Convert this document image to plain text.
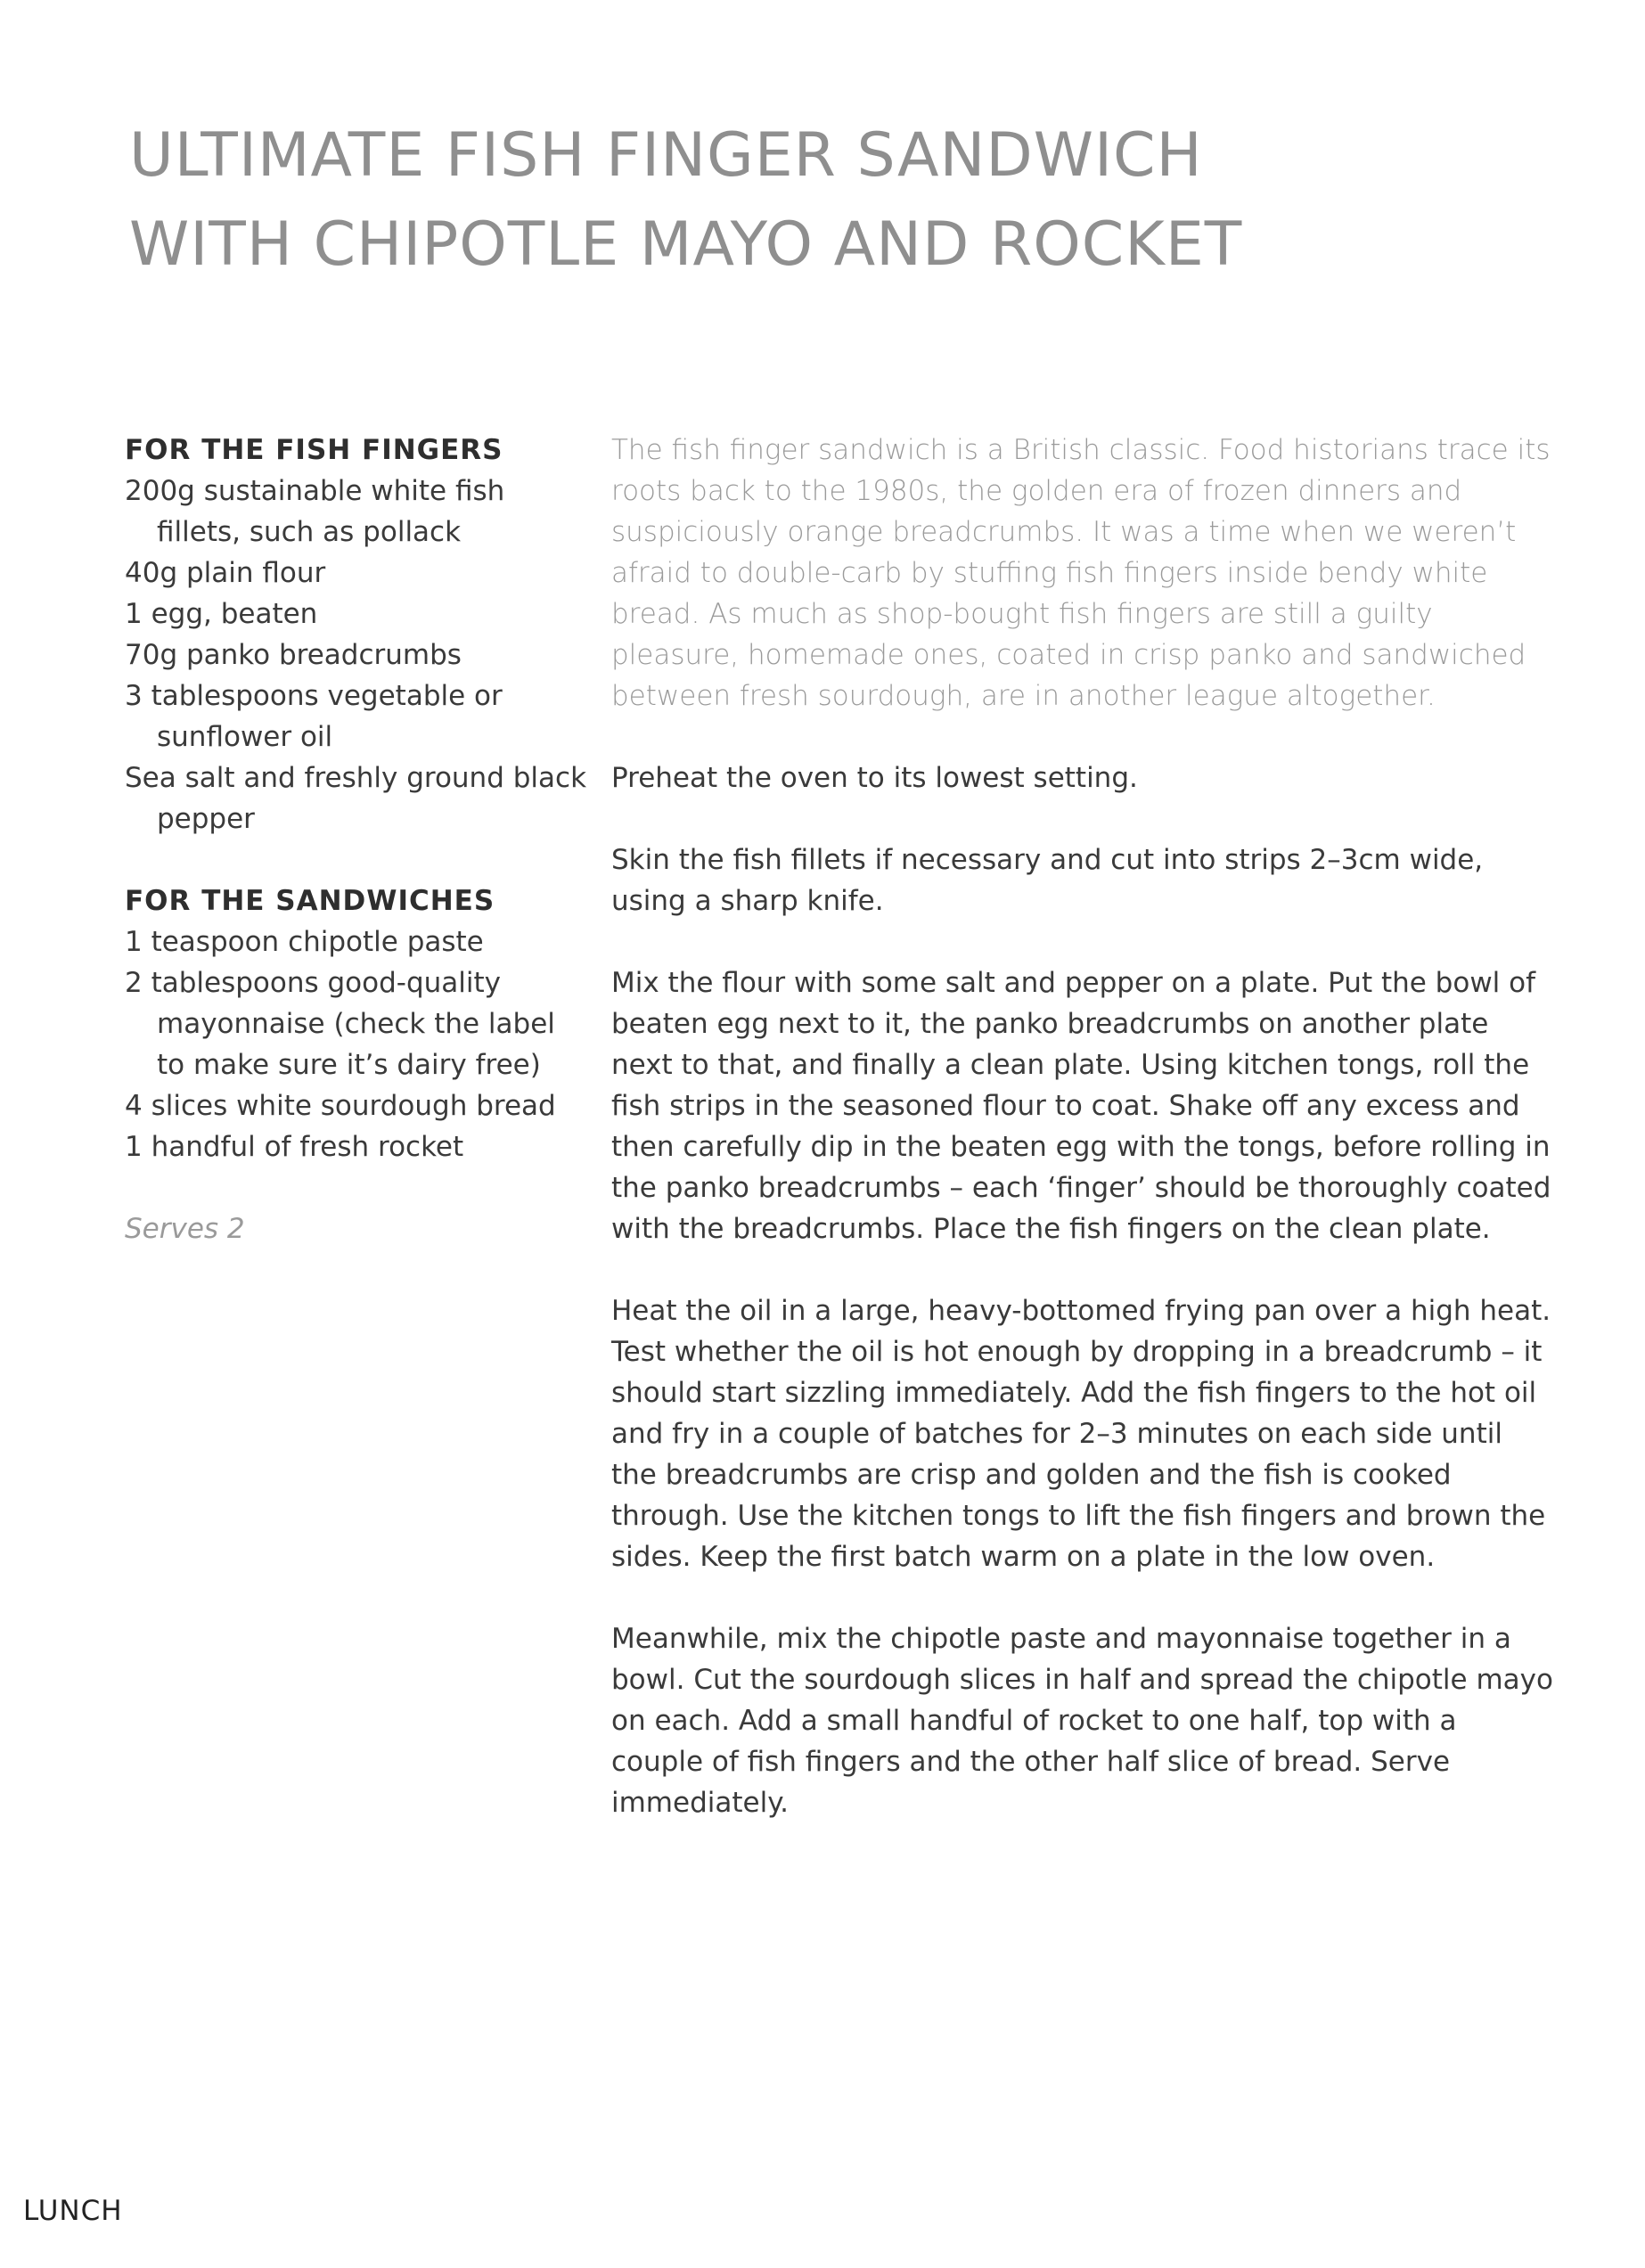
ULTIMATE FISH FINGER SANDWICH
WITH CHIPOTLE MAYO AND ROCKET
FOR THE FISH FINGERS
200g sustainable white fish fillets, such as pollack
40g plain flour
1 egg, beaten
70g panko breadcrumbs
3 tablespoons vegetable or sunflower oil
Sea salt and freshly ground black pepper
FOR THE SANDWICHES
1 teaspoon chipotle paste
2 tablespoons good-quality mayonnaise (check the label to make sure it’s dairy free)
4 slices white sourdough bread
1 handful of fresh rocket
Serves 2

The fish finger sandwich is a British classic. Food historians trace its roots back to the 1980s, the golden era of frozen dinners and suspiciously orange breadcrumbs. It was a time when we weren’t afraid to double-carb by stuffing fish fingers inside bendy white bread. As much as shop-bought fish fingers are still a guilty pleasure, homemade ones, coated in crisp panko and sandwiched between fresh sourdough, are in another league altogether.

Preheat the oven to its lowest setting.

Skin the fish fillets if necessary and cut into strips 2–3cm wide, using a sharp knife.

Mix the flour with some salt and pepper on a plate. Put the bowl of beaten egg next to it, the panko breadcrumbs on another plate next to that, and finally a clean plate. Using kitchen tongs, roll the fish strips in the seasoned flour to coat. Shake off any excess and then carefully dip in the beaten egg with the tongs, before rolling in the panko breadcrumbs – each ‘finger’ should be thoroughly coated with the breadcrumbs. Place the fish fingers on the clean plate.

Heat the oil in a large, heavy-bottomed frying pan over a high heat. Test whether the oil is hot enough by dropping in a breadcrumb – it should start sizzling immediately. Add the fish fingers to the hot oil and fry in a couple of batches for 2–3 minutes on each side until the breadcrumbs are crisp and golden and the fish is cooked through. Use the kitchen tongs to lift the fish fingers and brown the sides. Keep the first batch warm on a plate in the low oven.

Meanwhile, mix the chipotle paste and mayonnaise together in a bowl. Cut the sourdough slices in half and spread the chipotle mayo on each. Add a small handful of rocket to one half, top with a couple of fish fingers and the other half slice of bread. Serve immediately.

LUNCH
